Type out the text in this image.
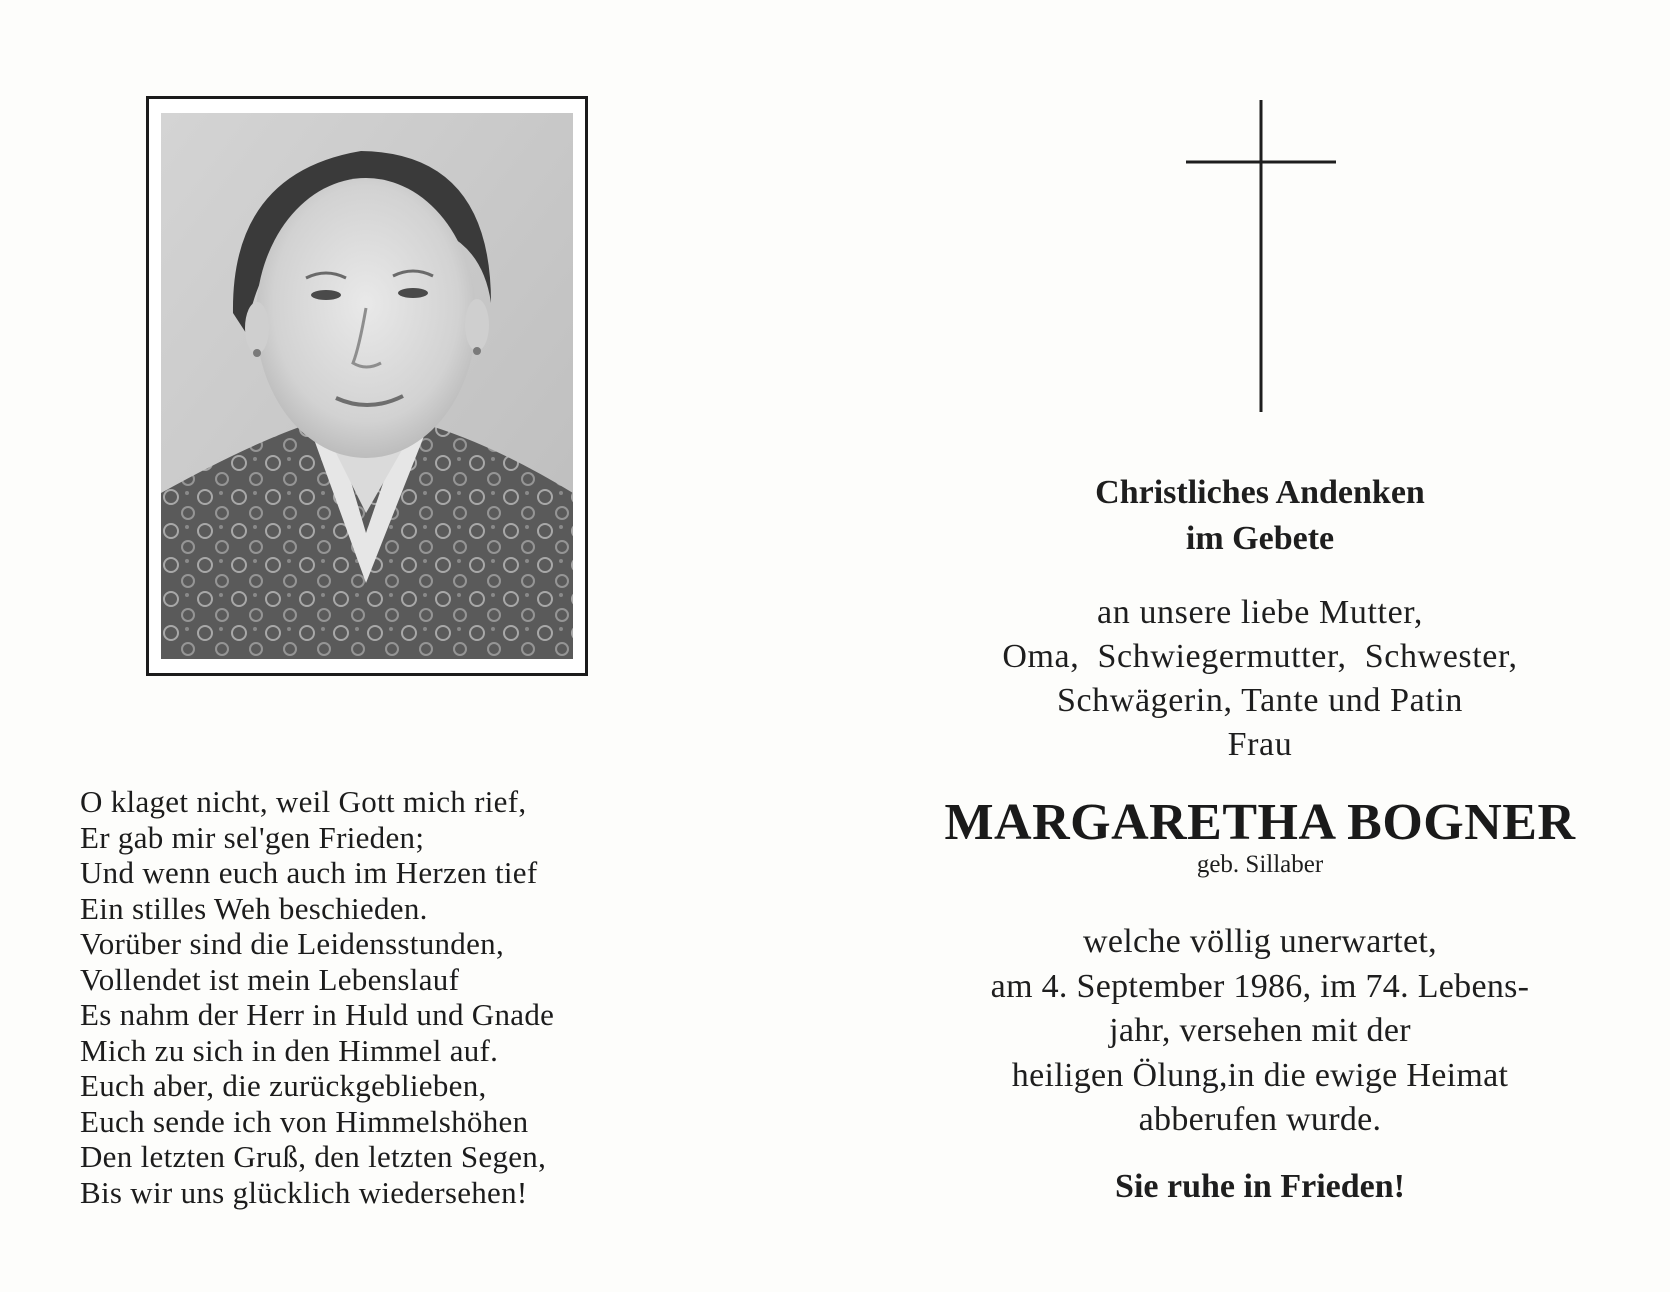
O klaget nicht, weil Gott mich rief,
Er gab mir sel'gen Frieden;
Und wenn euch auch im Herzen tief
Ein stilles Weh beschieden.
Vorüber sind die Leidensstunden,
Vollendet ist mein Lebenslauf
Es nahm der Herr in Huld und Gnade
Mich zu sich in den Himmel auf.
Euch aber, die zurückgeblieben,
Euch sende ich von Himmelshöhen
Den letzten Gruß, den letzten Segen,
Bis wir uns glücklich wiedersehen!
Christliches Andenken
im Gebete
an unsere liebe Mutter,
Oma,  Schwiegermutter,  Schwester,
Schwägerin, Tante und Patin
Frau
MARGARETHA BOGNER
geb. Sillaber
welche völlig unerwartet,
am 4. September 1986, im 74. Lebens-
jahr, versehen mit der
heiligen Ölung,in die ewige Heimat
abberufen wurde.
Sie ruhe in Frieden!
